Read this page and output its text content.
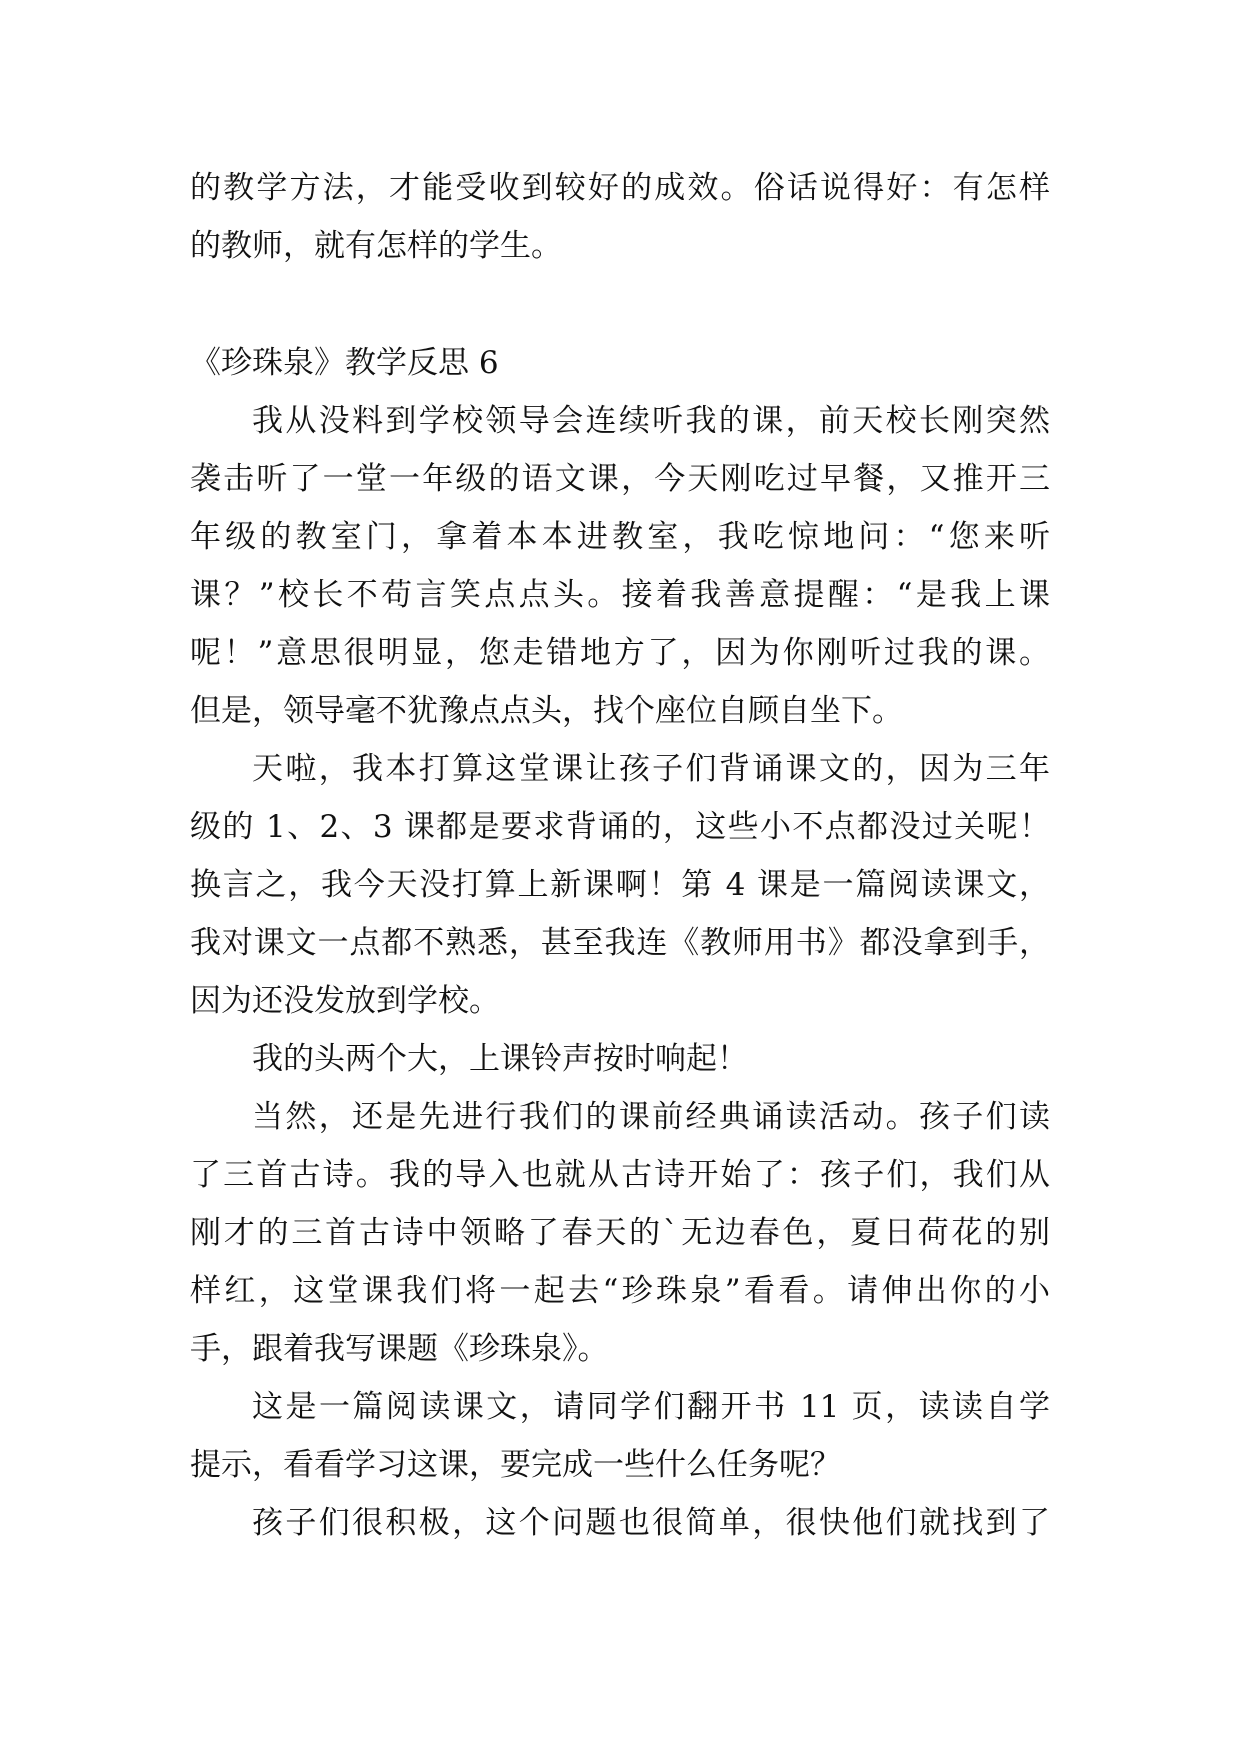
的教学方法，才能受收到较好的成效。俗话说得好：有怎样
的教师，就有怎样的学生。
《珍珠泉》教学反思 6
我从没料到学校领导会连续听我的课，前天校长刚突然
袭击听了一堂一年级的语文课，今天刚吃过早餐，又推开三
年级的教室门，拿着本本进教室，我吃惊地问：“您来听
课？”校长不苟言笑点点头。接着我善意提醒：“是我上课
呢！”意思很明显，您走错地方了，因为你刚听过我的课。
但是，领导毫不犹豫点点头，找个座位自顾自坐下。
天啦，我本打算这堂课让孩子们背诵课文的，因为三年
级的 1、2、3 课都是要求背诵的，这些小不点都没过关呢！
换言之，我今天没打算上新课啊！第 4 课是一篇阅读课文，
我对课文一点都不熟悉，甚至我连《教师用书》都没拿到手，
因为还没发放到学校。
我的头两个大，上课铃声按时响起！
当然，还是先进行我们的课前经典诵读活动。孩子们读
了三首古诗。我的导入也就从古诗开始了：孩子们，我们从
刚才的三首古诗中领略了春天的`无边春色，夏日荷花的别
样红，这堂课我们将一起去“珍珠泉”看看。请伸出你的小
手，跟着我写课题《珍珠泉》。
这是一篇阅读课文，请同学们翻开书 11 页，读读自学
提示，看看学习这课，要完成一些什么任务呢？
孩子们很积极，这个问题也很简单，很快他们就找到了
